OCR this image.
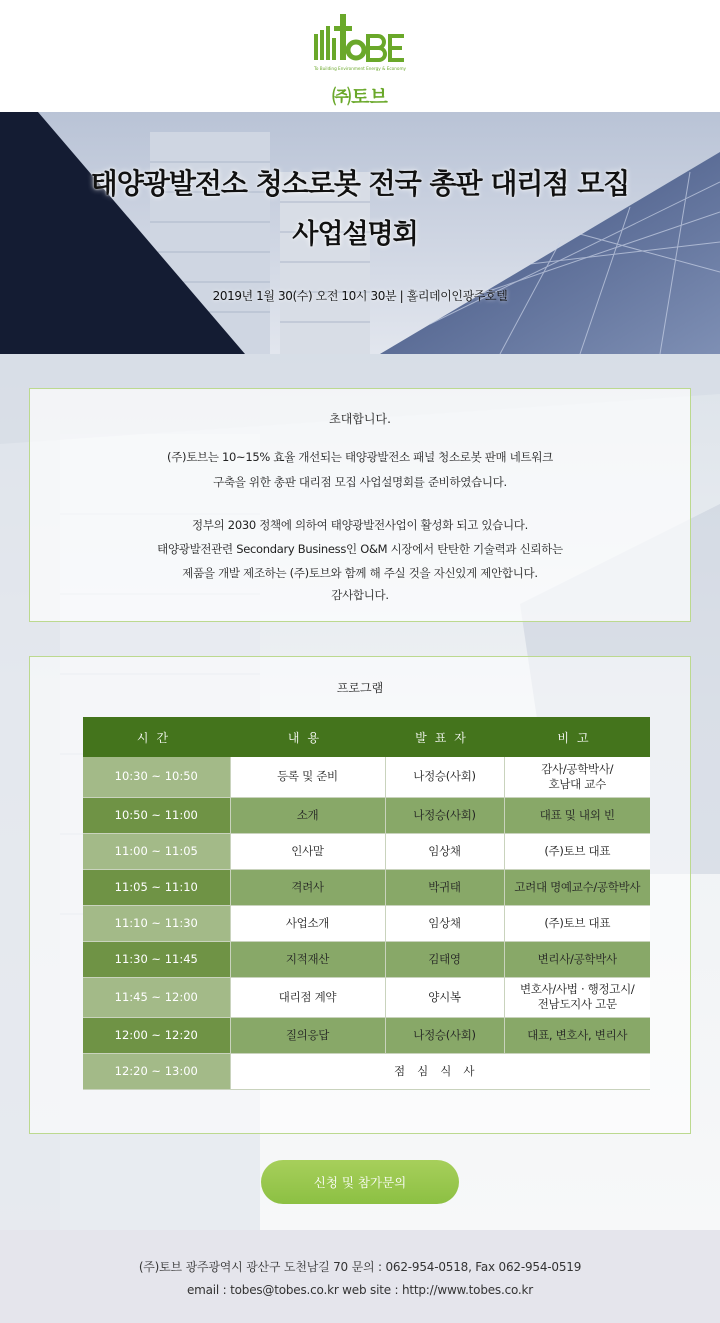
To Building Environment Energy & Economy
㈜토브
태양광발전소 청소로봇 전국 총판 대리점 모집
사업설명회
2019년 1월 30(수) 오전 10시 30분 | 홀리데이인광주호텔
초대합니다.
(주)토브는 10~15% 효율 개선되는 태양광발전소 패널 청소로봇 판매 네트워크
구축을 위한 총판 대리점 모집 사업설명회를 준비하였습니다.
정부의 2030 정책에 의하여 태양광발전사업이 활성화 되고 있습니다.
태양광발전관련 Secondary Business인 O&M 시장에서 탄탄한 기술력과 신뢰하는
제품을 개발 제조하는 (주)토브와 함께 해 주실 것을 자신있게 제안합니다.
감사합니다.
프로그램
시간	내용	발표자	비고
10:30 ~ 10:50	등록 및 준비	나정승(사회)	감사/공학박사/
호남대 교수
10:50 ~ 11:00	소개	나정승(사회)	대표 및 내외 빈
11:00 ~ 11:05	인사말	임상채	(주)토브 대표
11:05 ~ 11:10	격려사	박귀태	고려대 명예교수/공학박사
11:10 ~ 11:30	사업소개	임상채	(주)토브 대표
11:30 ~ 11:45	지적재산	김태영	변리사/공학박사
11:45 ~ 12:00	대리점 계약	양시복	변호사/사법 · 행정고시/
전남도지사 고문
12:00 ~ 12:20	질의응답	나정승(사회)	대표, 변호사, 변리사
12:20 ~ 13:00	점심식사		
신청 및 참가문의
(주)토브 광주광역시 광산구 도천남길 70 문의 : 062-954-0518, Fax 062-954-0519
email : tobes@tobes.co.kr web site : http://www.tobes.co.kr
